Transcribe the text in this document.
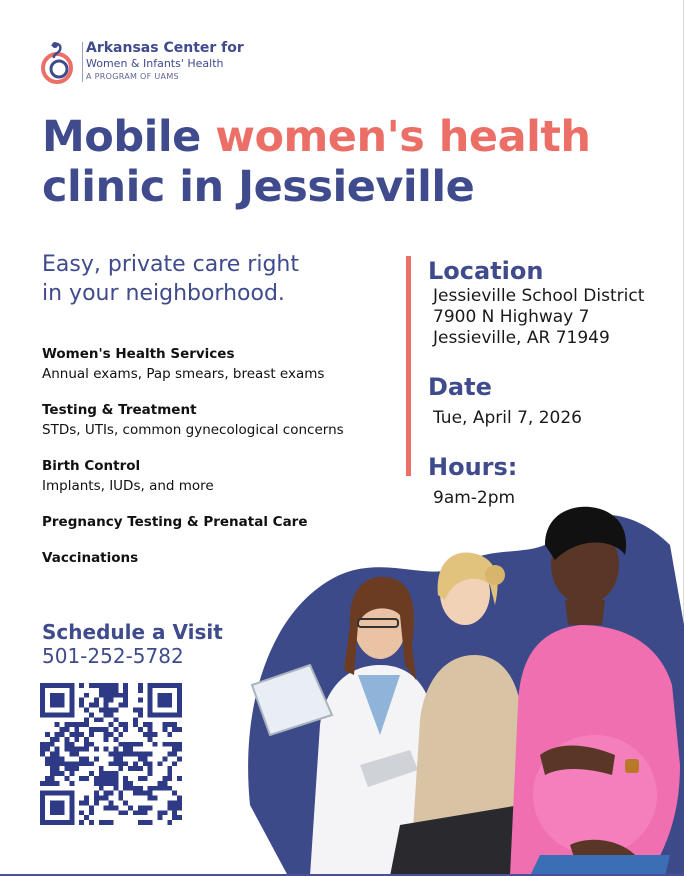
Arkansas Center for
Women & Infants' Health
A PROGRAM OF UAMS
Mobile women's health
clinic in Jessieville
Easy, private care right
in your neighborhood.
Women's Health Services
Annual exams, Pap smears, breast exams
Testing & Treatment
STDs, UTIs, common gynecological concerns
Birth Control
Implants, IUDs, and more
Pregnancy Testing & Prenatal Care
Vaccinations
Location
Jessieville School District
7900 N Highway 7
Jessieville, AR 71949
Date
Tue, April 7, 2026
Hours:
9am-2pm
Schedule a Visit
501-252-5782
